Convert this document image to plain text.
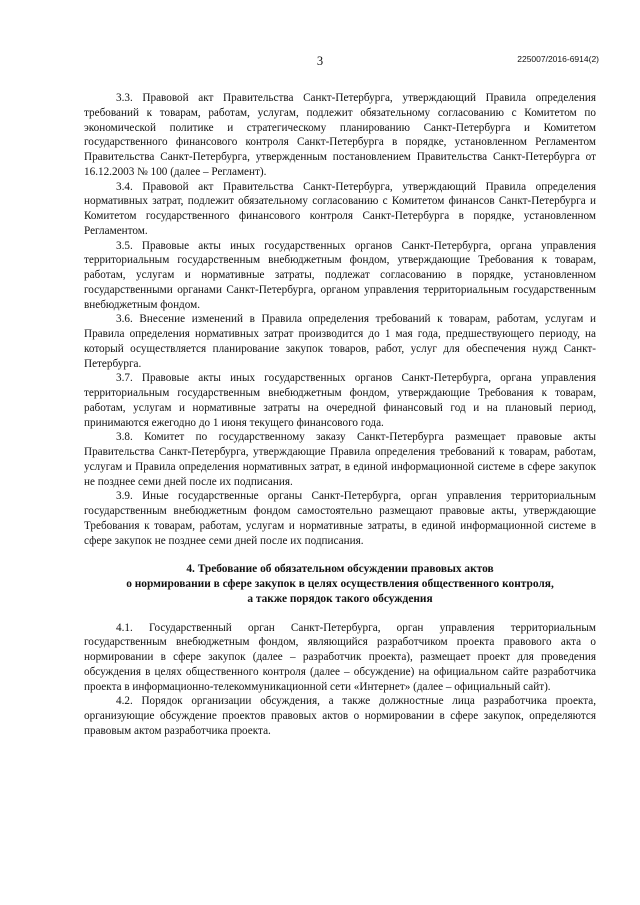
3	225007/2016-6914(2)

3.3. Правовой акт Правительства Санкт-Петербурга, утверждающий Правила определения требований к товарам, работам, услугам, подлежит обязательному согласованию с Комитетом по экономической политике и стратегическому планированию Санкт-Петербурга и Комитетом государственного финансового контроля Санкт-Петербурга в порядке, установленном Регламентом Правительства Санкт-Петербурга, утвержденным постановлением Правительства Санкт-Петербурга от 16.12.2003 № 100 (далее – Регламент).

3.4. Правовой акт Правительства Санкт-Петербурга, утверждающий Правила определения нормативных затрат, подлежит обязательному согласованию с Комитетом финансов Санкт-Петербурга и Комитетом государственного финансового контроля Санкт-Петербурга в порядке, установленном Регламентом.

3.5. Правовые акты иных государственных органов Санкт-Петербурга, органа управления территориальным государственным внебюджетным фондом, утверждающие Требования к товарам, работам, услугам и нормативные затраты, подлежат согласованию в порядке, установленном государственными органами Санкт-Петербурга, органом управления территориальным государственным внебюджетным фондом.

3.6. Внесение изменений в Правила определения требований к товарам, работам, услугам и Правила определения нормативных затрат производится до 1 мая года, предшествующего периоду, на который осуществляется планирование закупок товаров, работ, услуг для обеспечения нужд Санкт-Петербурга.

3.7. Правовые акты иных государственных органов Санкт-Петербурга, органа управления территориальным государственным внебюджетным фондом, утверждающие Требования к товарам, работам, услугам и нормативные затраты на очередной финансовый год и на плановый период, принимаются ежегодно до 1 июня текущего финансового года.

3.8. Комитет по государственному заказу Санкт-Петербурга размещает правовые акты Правительства Санкт-Петербурга, утверждающие Правила определения требований к товарам, работам, услугам и Правила определения нормативных затрат, в единой информационной системе в сфере закупок не позднее семи дней после их подписания.

3.9. Иные государственные органы Санкт-Петербурга, орган управления территориальным государственным внебюджетным фондом самостоятельно размещают правовые акты, утверждающие Требования к товарам, работам, услугам и нормативные затраты, в единой информационной системе в сфере закупок не позднее семи дней после их подписания.

4. Требование об обязательном обсуждении правовых актов
о нормировании в сфере закупок в целях осуществления общественного контроля,
а также порядок такого обсуждения

4.1. Государственный орган Санкт-Петербурга, орган управления территориальным государственным внебюджетным фондом, являющийся разработчиком проекта правового акта о нормировании в сфере закупок (далее – разработчик проекта), размещает проект для проведения обсуждения в целях общественного контроля (далее – обсуждение) на официальном сайте разработчика проекта в информационно-телекоммуникационной сети «Интернет» (далее – официальный сайт).

4.2. Порядок организации обсуждения, а также должностные лица разработчика проекта, организующие обсуждение проектов правовых актов о нормировании в сфере закупок, определяются правовым актом разработчика проекта.
